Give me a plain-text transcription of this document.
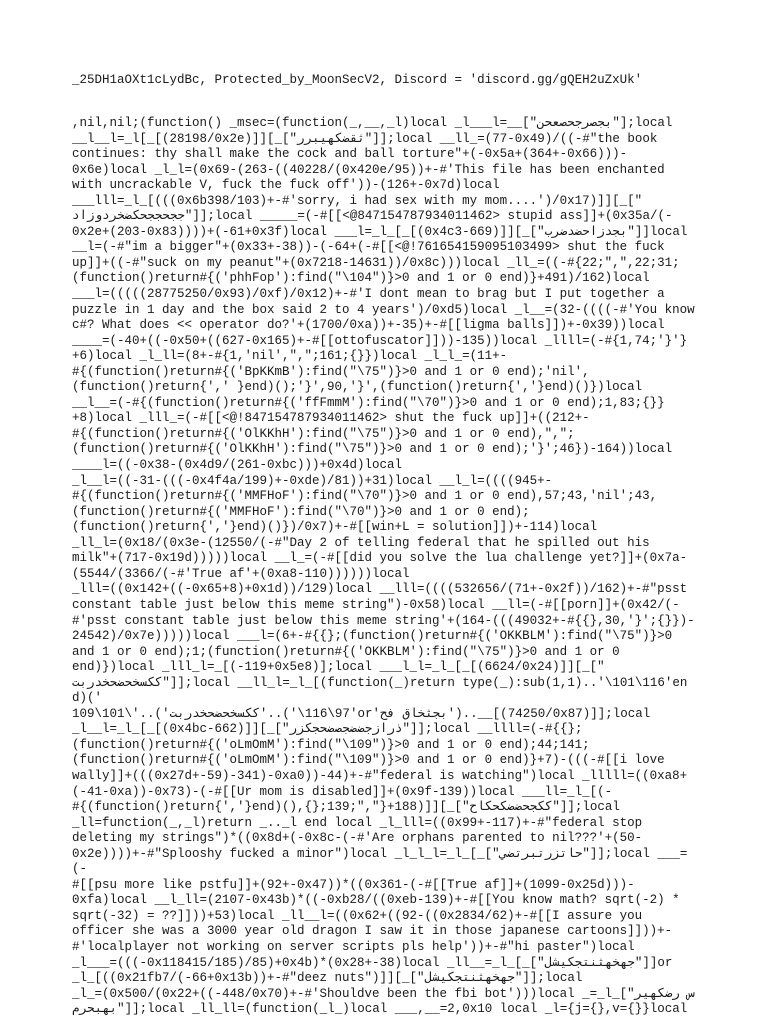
_25DH1aOXt1cLydBc, Protected_by_MoonSecV2, Discord = 'discord.gg/gQEH2uZxUk'
,nil,nil;(function() _msec=(function(_,__,_l)local _l___l=__["بجصرجحصعحن"];local
__l__l=_l[_[(28198/0x2e)]][_["ثقضكهيبرر"]];local __ll_=(77-0x49)/((-#"the book
continues: thy shall make the cock and ball torture"+(-0x5a+(364+-0x66)))-
0x6e)local _l_l=(0x69-(263-((40228/(0x420e/95))+-#'This file has been enchanted
with uncrackable V, fuck the fuck off'))-(126+-0x7d)local
___lll=_l_[(((0x6b398/103)+-#'sorry, i had sex with my mom....')/0x17)]][_["
ججحججحکضخردوزاد"]];local _____=(-#[[<@847154787934011462> stupid ass]]+(0x35a/(-
0x2e+(203-0x83))))+(-61+0x3f)local ___l=_l_[_[(0x4c3-669)]][_["بجدزاحضدضرب"]]local
__l=(-#"im a bigger"+(0x33+-38))-(-64+(-#[[<@!761654159095103499> shut the fuck
up]]+((-#"suck on my peanut"+(0x7218-14631))/0x8c)))local _ll_=((-#{22;",",22;31;
(function()return#{('phhFop'):find("\104")}>0 and 1 or 0 end)}+491)/162)local
___l=(((((28775250/0x93)/0xf)/0x12)+-#'I dont mean to brag but I put together a
puzzle in 1 day and the box said 2 to 4 years')/0xd5)local _l__=(32-((((-#'You know
c#? What does << operator do?'+(1700/0xa))+-35)+-#[[ligma balls]])+-0x39))local
____=(-40+((-0x50+((627-0x165)+-#[[ottofuscator]]))-135))local _llll=(-#{1,74;'}'}
+6)local _l_ll=(8+-#{1,'nil',",";161;{}})local _l_l_=(11+-
#{(function()return#{('BpKKmB'):find("\75")}>0 and 1 or 0 end);'nil',
(function()return{',' }end)();'}',90,'}',(function()return{','}end)()})local
__l__=(-#{(function()return#{('ffFmmM'):find("\70")}>0 and 1 or 0 end);1,83;{}}
+8)local _lll_=(-#[[<@!847154787934011462> shut the fuck up]]+((212+-
#{(function()return#{('OlKKhH'):find("\75")}>0 and 1 or 0 end),",";
(function()return#{('OlKKhH'):find("\75")}>0 and 1 or 0 end);'}';46})-164))local
____l=((-0x38-(0x4d9/(261-0xbc)))+0x4d)local
_l__l=((-31-(((-0x4f4a/199)+-0xde)/81))+31)local __l_l=((((945+-
#{(function()return#{('MMFHoF'):find("\70")}>0 and 1 or 0 end),57;43,'nil';43,
(function()return#{('MMFHoF'):find("\70")}>0 and 1 or 0 end);
(function()return{','}end)()})/0x7)+-#[[win+L = solution]])+-114)local
_ll_l=(0x18/(0x3e-(12550/(-#"Day 2 of telling federal that he spilled out his
milk"+(717-0x19d)))))local __l_=(-#[[did you solve the lua challenge yet?]]+(0x7a-
(5544/(3366/(-#'True af'+(0xa8-110))))))local
_lll=((0x142+((-0x65+8)+0x1d))/129)local __lll=((((532656/(71+-0x2f))/162)+-#"psst
constant table just below this meme string")-0x58)local __ll=(-#[[porn]]+(0x42/(-
#'psst constant table just below this meme string'+(164-(((49032+-#{{},30,'}';{}})-
24542)/0x7e)))))local ___l=(6+-#{{};(function()return#{('OKKBLM'):find("\75")}>0
and 1 or 0 end);1;(function()return#{('OKKBLM'):find("\75")}>0 and 1 or 0
end)})local _lll_l=_[(-119+0x5e8)];local ___l_l=_l_[_[(6624/0x24)]][_["
ككسخحضحخدربت"]];local __ll_l=_l_[(function(_)return type(_):sub(1,1)..'\101\116'end)('
ككسخحضحخدربت')..'\101\109'..('\97\116'or'بجثخاق فح')..__[(74250/0x87)]];local
_l__l=_l_[_[(0x4bc-662)]][_["ذرازجضضجصضحجكزر"]];local __llll=(-#{{};
(function()return#{('oLmOmM'):find("\109")}>0 and 1 or 0 end);44;141;
(function()return#{('oLmOmM'):find("\109")}>0 and 1 or 0 end)}+7)-(((-#[[i love
wally]]+(((0x27d+-59)-341)-0xa0))-44)+-#"federal is watching")local _lllll=((0xa8+
(-41-0xa))-0x73)-(-#[[Ur mom is disabled]]+(0x9f-139))local ___ll=_l_[(-
#{(function()return{','}end)(),{};139;","}+188)]][_["ككجحضضكحكاح"]];local
_ll=function(_,_l)return _.._l end local _l_lll=((0x99+-117)+-#"federal stop
deleting my strings")*((0x8d+(-0x8c-(-#'Are orphans parented to nil???'+(50-
0x2e))))+-#"Splooshy fucked a minor")local _l_l_l=_l_[_["حاتزرتبرتضي"]];local ___=(-
#[[psu more like pstfu]]+(92+-0x47))*((0x361-(-#[[True af]]+(1099-0x25d)))-
0xfa)local __l_ll=(2107-0x43b)*((-0xb28/((0xeb-139)+-#[[You know math? sqrt(-2) *
sqrt(-32) = ??]]))+53)local _ll__l=((0x62+((92-((0x2834/62)+-#[[I assure you
officer she was a 3000 year old dragon I saw it in those japanese cartoons]]))+-
#'localplayer not working on server scripts pls help'))+-#"hi paster")local
_l___=(((-0x118415/185)/85)+0x4b)*(0x28+-38)local _ll__=_l_[_["جهخهثنتجكيشل"]]or
_l_[((0x21fb7/(-66+0x13b))+-#"deez nuts")]][_["جهخهثنتجكيشل"]];local
_l_=(0x500/(0x22+((-448/0x70)+-#'Shouldve been the fbi bot')))local _=_l_["س رضكهير
بهبحرم"]];local _ll_ll=(function(_l_)local ___,__=2,0x10 local _l={j={},v={}}local
